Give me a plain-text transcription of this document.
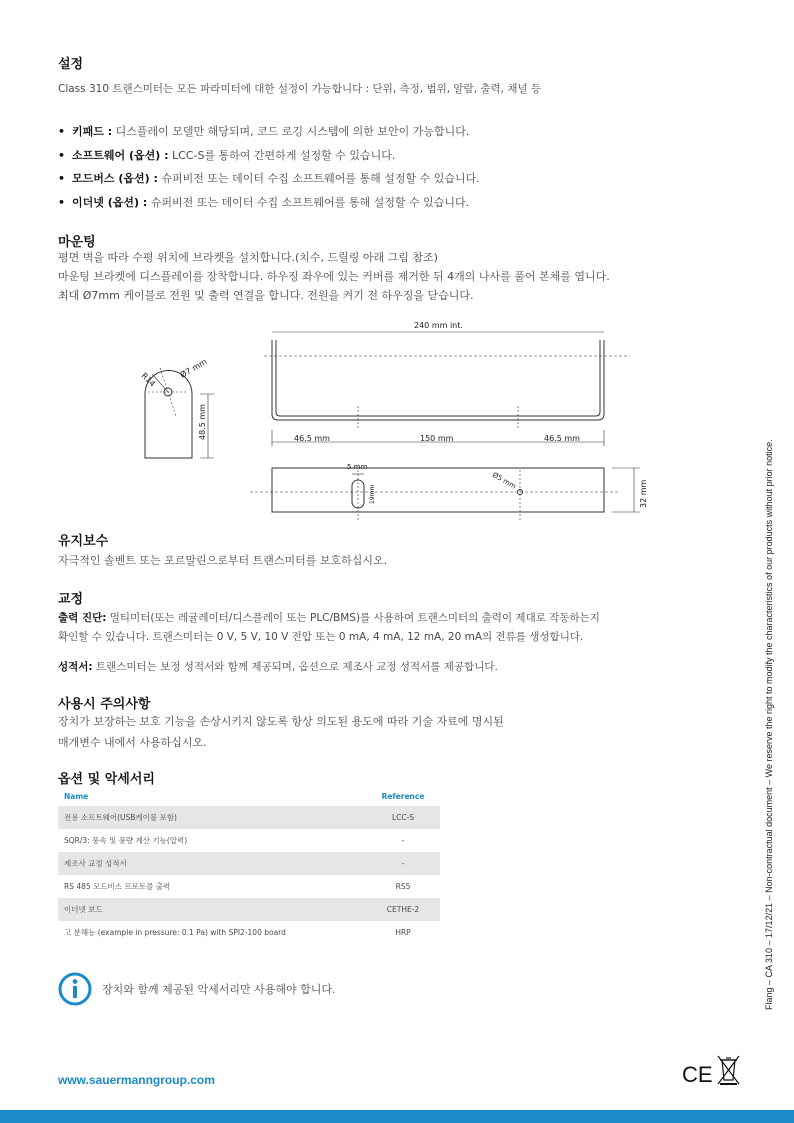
설정

Class 310 트랜스미터는 모든 파라미터에 대한 설정이 가능합니다 : 단위, 측정, 범위, 알람, 출력, 채널 등

• 키패드 : 디스플레이 모델만 해당되며, 코드 로깅 시스템에 의한 보안이 가능합니다.
• 소프트웨어 (옵션) : LCC-S를 통하여 간편하게 설정할 수 있습니다.
• 모드버스 (옵션) : 슈퍼비전 또는 데이터 수집 소프트웨어를 통해 설정할 수 있습니다.
• 이더넷 (옵션) : 슈퍼비전 또는 데이터 수집 소프트웨어를 통해 설정할 수 있습니다.
마운팅

평면 벽을 따라 수평 위치에 브라켓을 설치합니다.(치수, 드릴링 아래 그림 참조)

마운팅 브라켓에 디스플레이를 장착합니다. 하우징 좌우에 있는 커버를 제거한 뒤 4개의 나사를 풀어 본체를 엽니다.

최대 Ø7mm 케이블로 전원 및 출력 연결을 합니다. 전원을 켜기 전 하우징을 닫습니다.

R14
Ø7 mm
48.5 mm
240 mm int.
46.5 mm	150 mm	46.5 mm
5 mm
19mm
Ø5 mm	32 mm
유지보수

자극적인 솔벤트 또는 포르말린으로부터 트랜스미터를 보호하십시오.

교정

출력 진단: 멀티미터(또는 레귤레이터/디스플레이 또는 PLC/BMS)를 사용하여 트랜스미터의 출력이 제대로 작동하는지

확인할 수 있습니다. 트랜스미터는 0 V, 5 V, 10 V 전압 또는 0 mA, 4 mA, 12 mA, 20 mA의 전류를 생성합니다.

성적서: 트랜스미터는 보정 성적서와 함께 제공되며, 옵션으로 제조사 교정 성적서를 제공합니다.

사용시 주의사항

장치가 보장하는 보호 기능을 손상시키지 않도록 항상 의도된 용도에 따라 기술 자료에 명시된

매개변수 내에서 사용하십시오.

옵션 및 악세서리
Name	Reference
전용 소프트웨어(USB케이블 포함)	LCC-S
SQR/3: 풍속 및 풍량 계산 기능(압력)	-
제조사 교정 성적서	-
RS 485 모드비스 프로토콜 출력	RS5
이더넷 보드	CETHE-2
고 분해능 (example in pressure: 0.1 Pa) with SPI2-100 board	HRP

장치와 함께 제공된 악세서리만 사용해야 합니다.	Flang – CA 310 – 17/12/21 – Non-contractual document – We reserve the right to modify the characteristics of our products without prior notice.
www.sauermanngroup.com	CE
